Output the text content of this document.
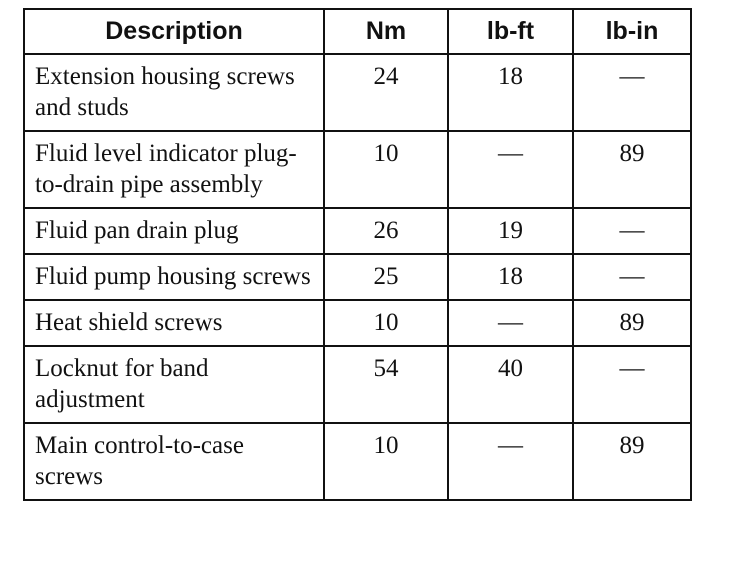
Description	Nm	lb-ft	lb-in
Extension housing screws and studs	24	18	—
Fluid level indicator plug-to-drain pipe assembly	10	—	89
Fluid pan drain plug	26	19	—
Fluid pump housing screws	25	18	—
Heat shield screws	10	—	89
Locknut for band adjustment	54	40	—
Main control-to-case screws	10	—	89
